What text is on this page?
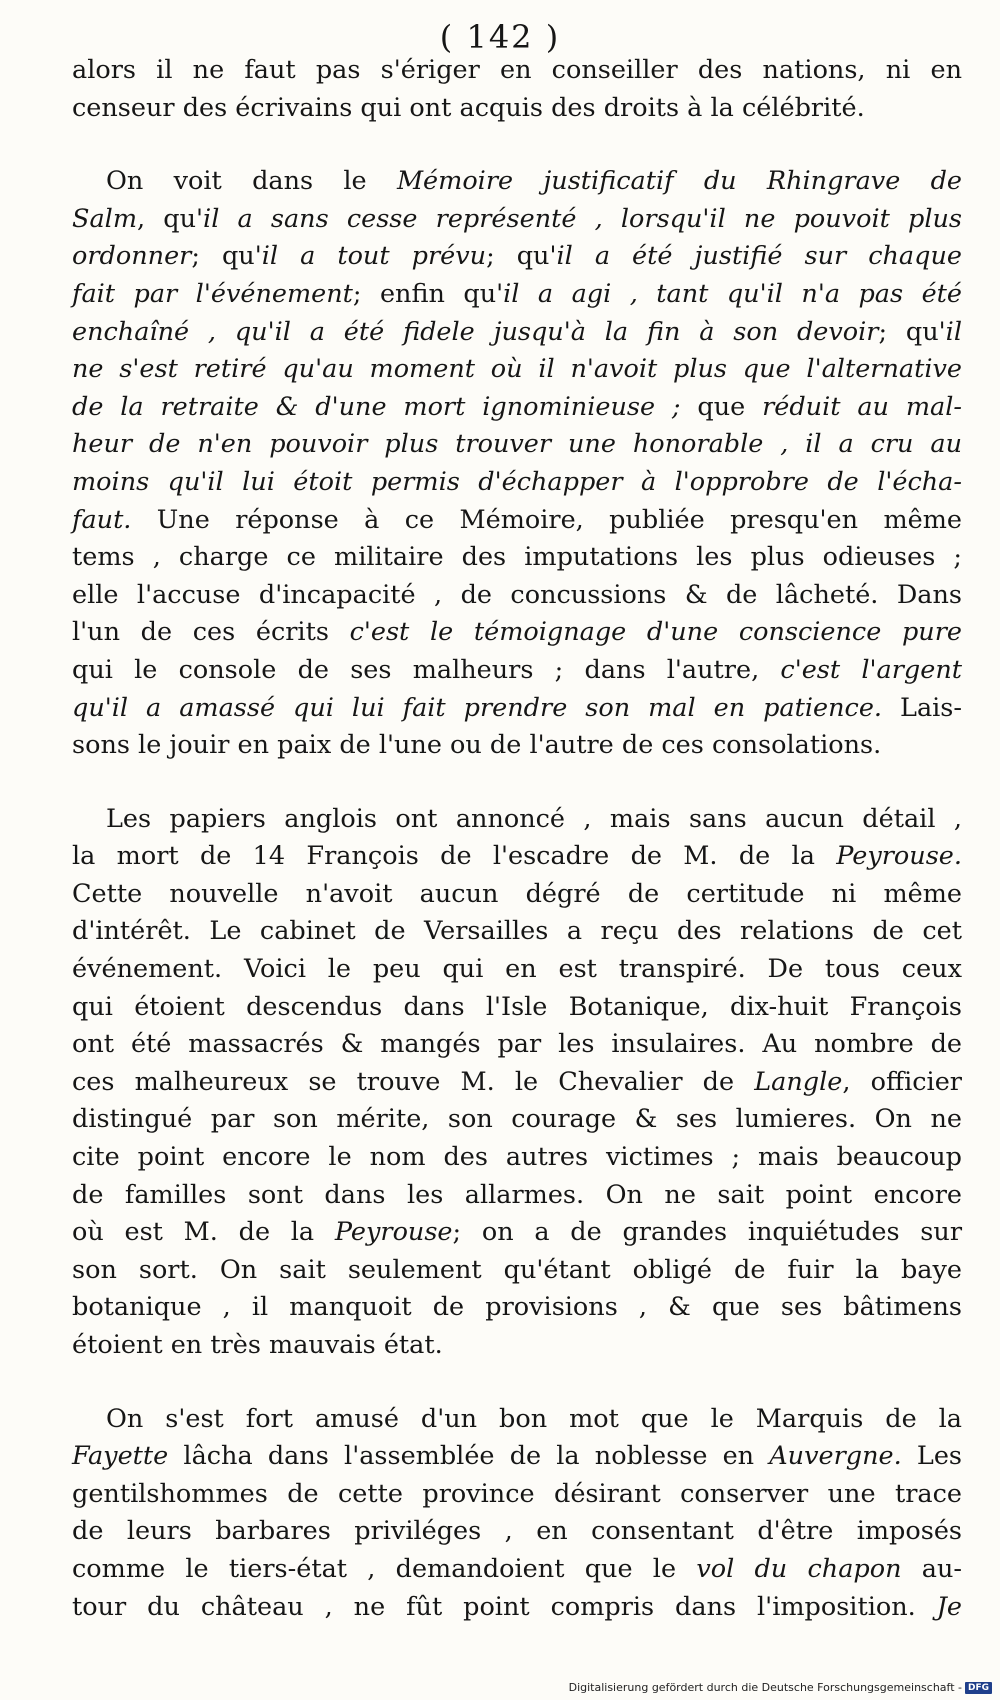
( 142 )
alors il ne faut pas s'ériger en conseiller des nations, ni en
censeur des écrivains qui ont acquis des droits à la célébrité.
On voit dans le Mémoire justificatif du Rhingrave de
Salm, qu'il a sans cesse représenté , lorsqu'il ne pouvoit plus
ordonner; qu'il a tout prévu; qu'il a été justifié sur chaque
fait par l'événement; enfin qu'il a agi , tant qu'il n'a pas été
enchaîné , qu'il a été fidele jusqu'à la fin à son devoir; qu'il
ne s'est retiré qu'au moment où il n'avoit plus que l'alternative
de la retraite & d'une mort ignominieuse ; que réduit au mal-
heur de n'en pouvoir plus trouver une honorable , il a cru au
moins qu'il lui étoit permis d'échapper à l'opprobre de l'écha-
faut. Une réponse à ce Mémoire, publiée presqu'en même
tems , charge ce militaire des imputations les plus odieuses ;
elle l'accuse d'incapacité , de concussions & de lâcheté. Dans
l'un de ces écrits c'est le témoignage d'une conscience pure
qui le console de ses malheurs ; dans l'autre, c'est l'argent
qu'il a amassé qui lui fait prendre son mal en patience. Lais-
sons le jouir en paix de l'une ou de l'autre de ces consolations.
Les papiers anglois ont annoncé , mais sans aucun détail ,
la mort de 14 François de l'escadre de M. de la Peyrouse.
Cette nouvelle n'avoit aucun dégré de certitude ni même
d'intérêt. Le cabinet de Versailles a reçu des relations de cet
événement. Voici le peu qui en est transpiré. De tous ceux
qui étoient descendus dans l'Isle Botanique, dix-huit François
ont été massacrés & mangés par les insulaires. Au nombre de
ces malheureux se trouve M. le Chevalier de Langle, officier
distingué par son mérite, son courage & ses lumieres. On ne
cite point encore le nom des autres victimes ; mais beaucoup
de familles sont dans les allarmes. On ne sait point encore
où est M. de la Peyrouse; on a de grandes inquiétudes sur
son sort. On sait seulement qu'étant obligé de fuir la baye
botanique , il manquoit de provisions , & que ses bâtimens
étoient en très mauvais état.
On s'est fort amusé d'un bon mot que le Marquis de la
Fayette lâcha dans l'assemblée de la noblesse en Auvergne. Les
gentilshommes de cette province désirant conserver une trace
de leurs barbares priviléges , en consentant d'être imposés
comme le tiers-état , demandoient que le vol du chapon au-
tour du château , ne fût point compris dans l'imposition. Je
Digitalisierung gefördert durch die Deutsche Forschungsgemeinschaft - DFG
